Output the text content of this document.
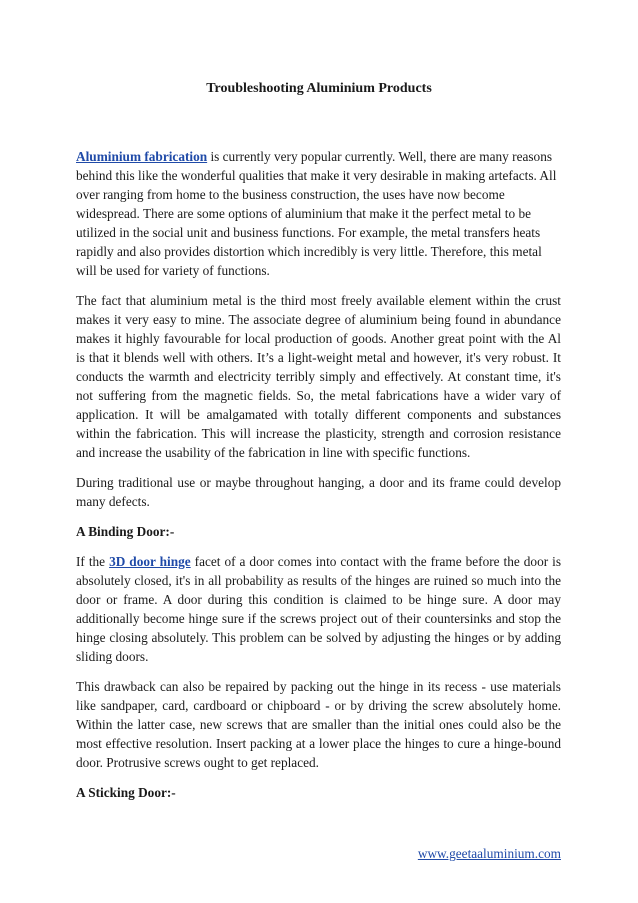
Troubleshooting Aluminium Products

Aluminium fabrication is currently very popular currently. Well, there are many reasons behind this like the wonderful qualities that make it very desirable in making artefacts. All over ranging from home to the business construction, the uses have now become widespread. There are some options of aluminium that make it the perfect metal to be utilized in the social unit and business functions. For example, the metal transfers heats rapidly and also provides distortion which incredibly is very little. Therefore, this metal will be used for variety of functions.

The fact that aluminium metal is the third most freely available element within the crust makes it very easy to mine. The associate degree of aluminium being found in abundance makes it highly favourable for local production of goods. Another great point with the Al is that it blends well with others. It’s a light-weight metal and however, it's very robust. It conducts the warmth and electricity terribly simply and effectively. At constant time, it's not suffering from the magnetic fields. So, the metal fabrications have a wider vary of application. It will be amalgamated with totally different components and substances within the fabrication. This will increase the plasticity, strength and corrosion resistance and increase the usability of the fabrication in line with specific functions.

During traditional use or maybe throughout hanging, a door and its frame could develop many defects.

A Binding Door:-

If the 3D door hinge facet of a door comes into contact with the frame before the door is absolutely closed, it's in all probability as results of the hinges are ruined so much into the door or frame. A door during this condition is claimed to be hinge sure. A door may additionally become hinge sure if the screws project out of their countersinks and stop the hinge closing absolutely. This problem can be solved by adjusting the hinges or by adding sliding doors.

This drawback can also be repaired by packing out the hinge in its recess - use materials like sandpaper, card, cardboard or chipboard - or by driving the screw absolutely home. Within the latter case, new screws that are smaller than the initial ones could also be the most effective resolution. Insert packing at a lower place the hinges to cure a hinge-bound door. Protrusive screws ought to get replaced.

A Sticking Door:-

www.geetaaluminium.com
